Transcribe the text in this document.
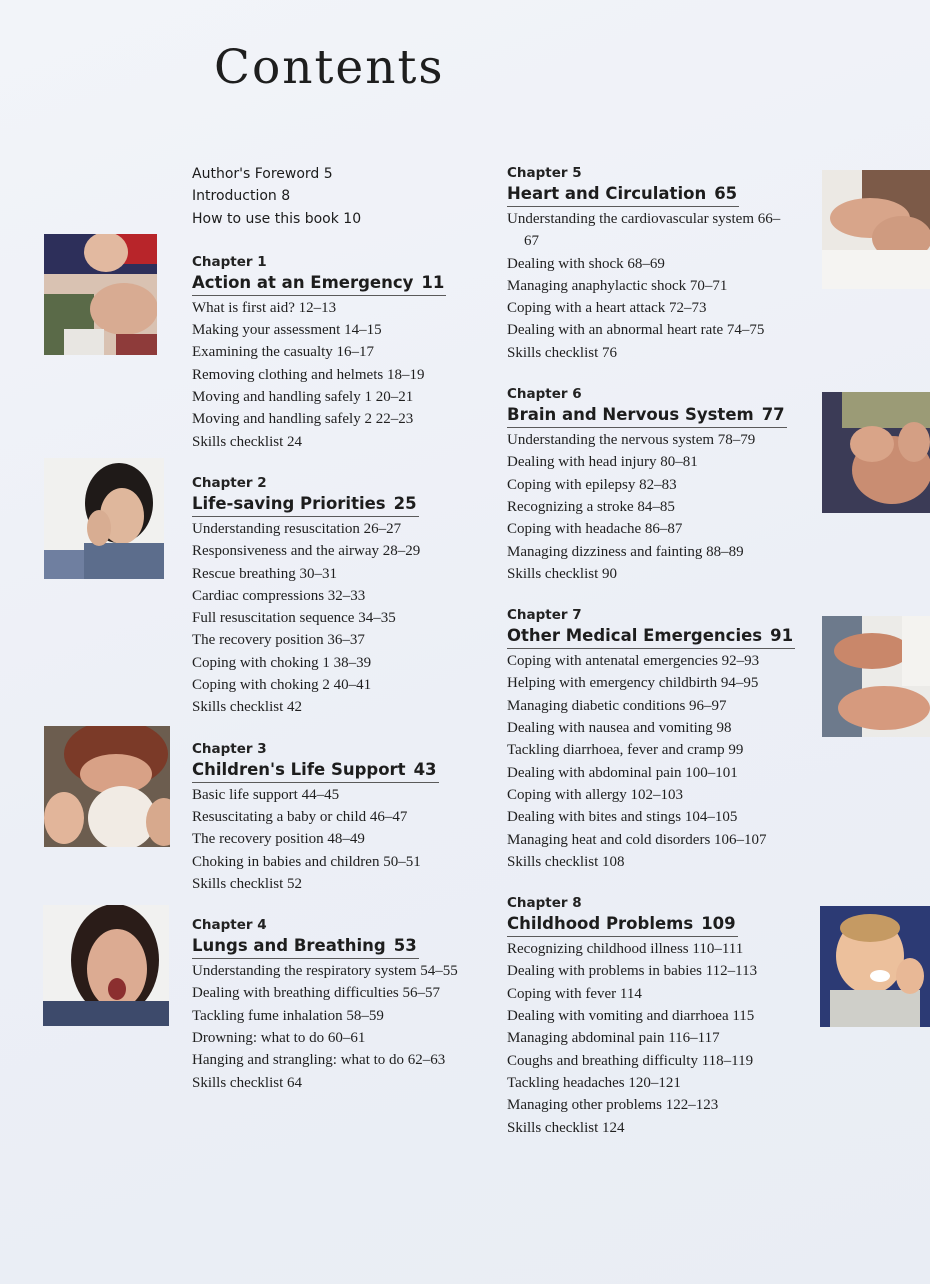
Contents
Author's Foreword 5
Introduction 8
How to use this book 10
Chapter 1
Action at an Emergency 11
What is first aid? 12–13
Making your assessment 14–15
Examining the casualty 16–17
Removing clothing and helmets 18–19
Moving and handling safely 1 20–21
Moving and handling safely 2 22–23
Skills checklist 24
Chapter 2
Life-saving Priorities 25
Understanding resuscitation 26–27
Responsiveness and the airway 28–29
Rescue breathing 30–31
Cardiac compressions 32–33
Full resuscitation sequence 34–35
The recovery position 36–37
Coping with choking 1 38–39
Coping with choking 2 40–41
Skills checklist 42
Chapter 3
Children's Life Support 43
Basic life support 44–45
Resuscitating a baby or child 46–47
The recovery position 48–49
Choking in babies and children 50–51
Skills checklist 52
Chapter 4
Lungs and Breathing 53
Understanding the respiratory system 54–55
Dealing with breathing difficulties 56–57
Tackling fume inhalation 58–59
Drowning: what to do 60–61
Hanging and strangling: what to do 62–63
Skills checklist 64
Chapter 5
Heart and Circulation 65
Understanding the cardiovascular system 66–67
Dealing with shock 68–69
Managing anaphylactic shock 70–71
Coping with a heart attack 72–73
Dealing with an abnormal heart rate 74–75
Skills checklist 76
Chapter 6
Brain and Nervous System 77
Understanding the nervous system 78–79
Dealing with head injury 80–81
Coping with epilepsy 82–83
Recognizing a stroke 84–85
Coping with headache 86–87
Managing dizziness and fainting 88–89
Skills checklist 90
Chapter 7
Other Medical Emergencies 91
Coping with antenatal emergencies 92–93
Helping with emergency childbirth 94–95
Managing diabetic conditions 96–97
Dealing with nausea and vomiting 98
Tackling diarrhoea, fever and cramp 99
Dealing with abdominal pain 100–101
Coping with allergy 102–103
Dealing with bites and stings 104–105
Managing heat and cold disorders 106–107
Skills checklist 108
Chapter 8
Childhood Problems 109
Recognizing childhood illness 110–111
Dealing with problems in babies 112–113
Coping with fever 114
Dealing with vomiting and diarrhoea 115
Managing abdominal pain 116–117
Coughs and breathing difficulty 118–119
Tackling headaches 120–121
Managing other problems 122–123
Skills checklist 124
